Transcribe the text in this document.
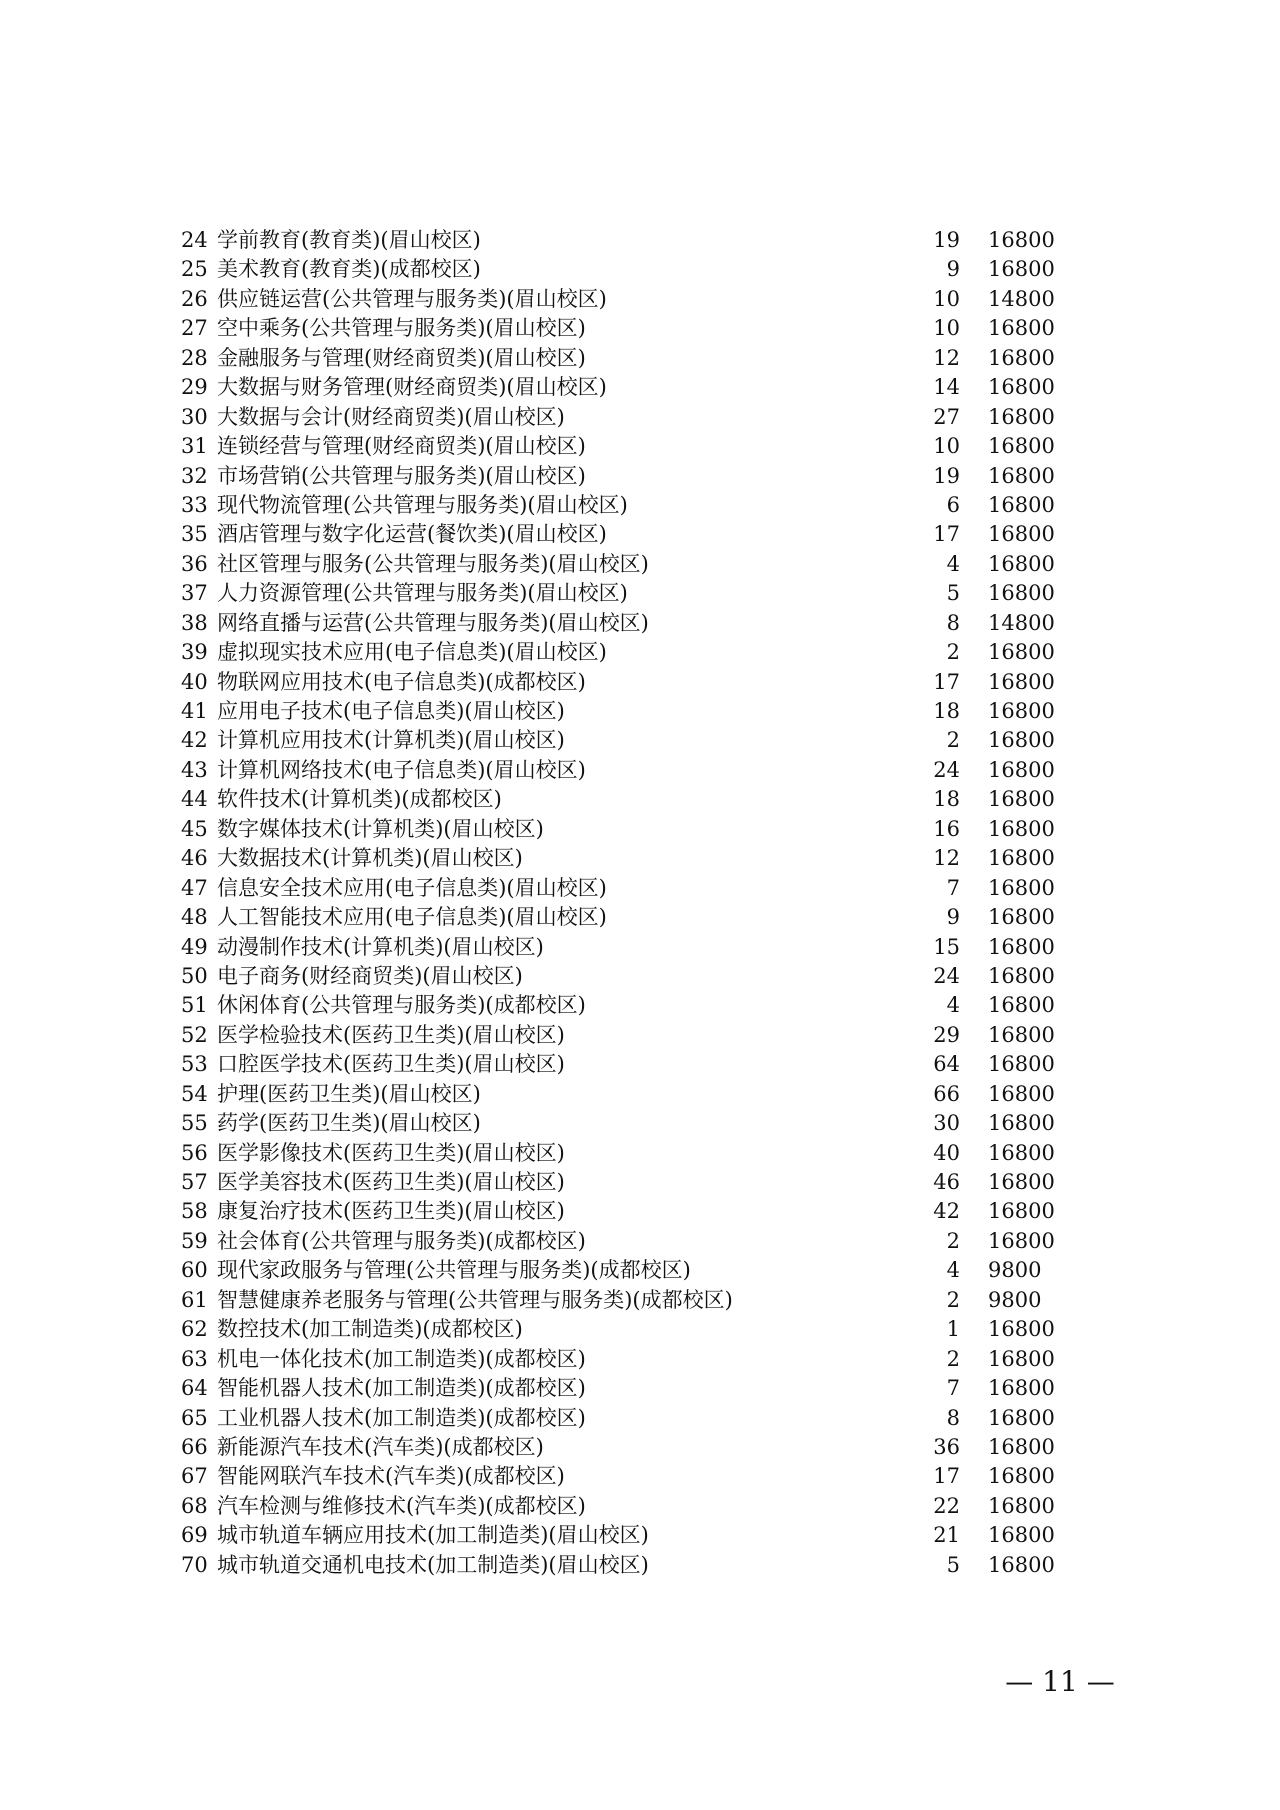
24 学前教育(教育类)(眉山校区)	19 16800
25 美术教育(教育类)(成都校区)	9 16800
26 供应链运营(公共管理与服务类)(眉山校区)	10 14800
27 空中乘务(公共管理与服务类)(眉山校区)	10 16800
28 金融服务与管理(财经商贸类)(眉山校区)	12 16800
29 大数据与财务管理(财经商贸类)(眉山校区)	14 16800
30 大数据与会计(财经商贸类)(眉山校区)	27 16800
31 连锁经营与管理(财经商贸类)(眉山校区)	10 16800
32 市场营销(公共管理与服务类)(眉山校区)	19 16800
33 现代物流管理(公共管理与服务类)(眉山校区)	6 16800
35 酒店管理与数字化运营(餐饮类)(眉山校区)	17 16800
36 社区管理与服务(公共管理与服务类)(眉山校区)	4 16800
37 人力资源管理(公共管理与服务类)(眉山校区)	5 16800
38 网络直播与运营(公共管理与服务类)(眉山校区)	8 14800
39 虚拟现实技术应用(电子信息类)(眉山校区)	2 16800
40 物联网应用技术(电子信息类)(成都校区)	17 16800
41 应用电子技术(电子信息类)(眉山校区)	18 16800
42 计算机应用技术(计算机类)(眉山校区)	2 16800
43 计算机网络技术(电子信息类)(眉山校区)	24 16800
44 软件技术(计算机类)(成都校区)	18 16800
45 数字媒体技术(计算机类)(眉山校区)	16 16800
46 大数据技术(计算机类)(眉山校区)	12 16800
47 信息安全技术应用(电子信息类)(眉山校区)	7 16800
48 人工智能技术应用(电子信息类)(眉山校区)	9 16800
49 动漫制作技术(计算机类)(眉山校区)	15 16800
50 电子商务(财经商贸类)(眉山校区)	24 16800
51 休闲体育(公共管理与服务类)(成都校区)	4 16800
52 医学检验技术(医药卫生类)(眉山校区)	29 16800
53 口腔医学技术(医药卫生类)(眉山校区)	64 16800
54 护理(医药卫生类)(眉山校区)	66 16800
55 药学(医药卫生类)(眉山校区)	30 16800
56 医学影像技术(医药卫生类)(眉山校区)	40 16800
57 医学美容技术(医药卫生类)(眉山校区)	46 16800
58 康复治疗技术(医药卫生类)(眉山校区)	42 16800
59 社会体育(公共管理与服务类)(成都校区)	2 16800
60 现代家政服务与管理(公共管理与服务类)(成都校区)	4 9800
61 智慧健康养老服务与管理(公共管理与服务类)(成都校区)	2 9800
62 数控技术(加工制造类)(成都校区)	1 16800
63 机电一体化技术(加工制造类)(成都校区)	2 16800
64 智能机器人技术(加工制造类)(成都校区)	7 16800
65 工业机器人技术(加工制造类)(成都校区)	8 16800
66 新能源汽车技术(汽车类)(成都校区)	36 16800
67 智能网联汽车技术(汽车类)(成都校区)	17 16800
68 汽车检测与维修技术(汽车类)(成都校区)	22 16800
69 城市轨道车辆应用技术(加工制造类)(眉山校区)	21 16800
70 城市轨道交通机电技术(加工制造类)(眉山校区)	5 16800
— 11 —
